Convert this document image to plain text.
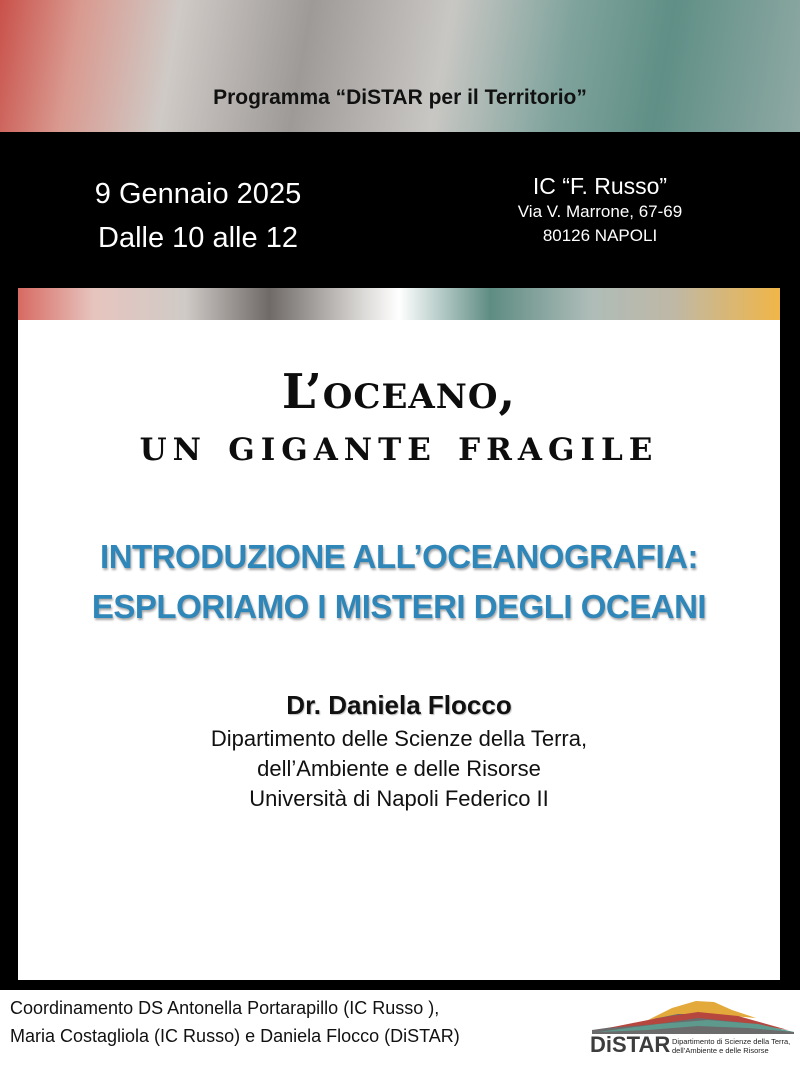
Programma “DiSTAR per il Territorio”
9 Gennaio 2025
Dalle 10 alle 12
IC “F. Russo”
Via V. Marrone, 67-69
80126 NAPOLI
L’oceano,
un gigante fragile
INTRODUZIONE ALL’OCEANOGRAFIA:
ESPLORIAMO I MISTERI DEGLI OCEANI
Dr. Daniela Flocco
Dipartimento delle Scienze della Terra,
dell’Ambiente e delle Risorse
Università di Napoli Federico II
Coordinamento DS Antonella Portarapillo (IC Russo ),
Maria Costagliola (IC Russo) e Daniela Flocco (DiSTAR)	DiSTAR Dipartimento di Scienze della Terra,
dell’Ambiente e delle Risorse
